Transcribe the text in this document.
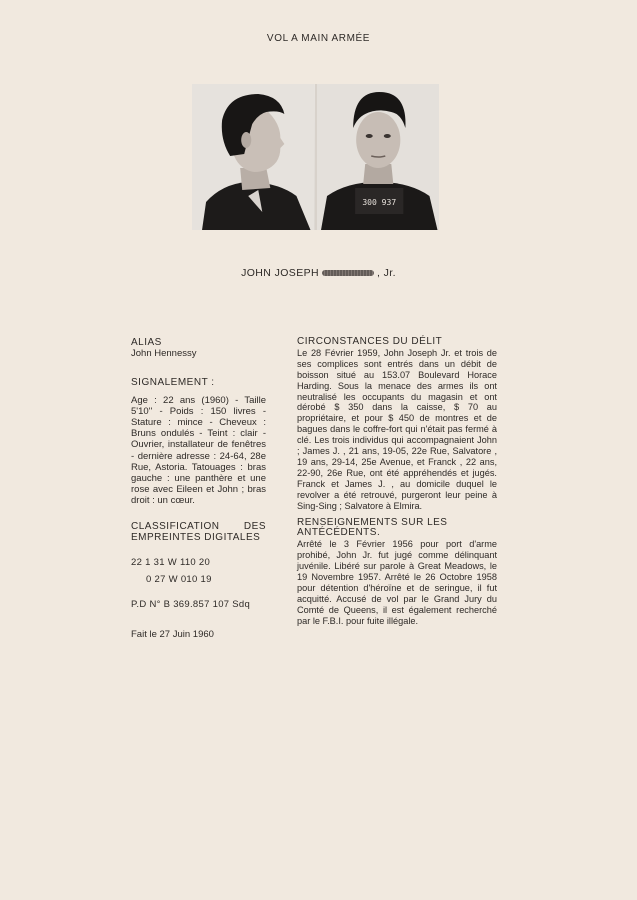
VOL A MAIN ARMÉE
300 937
JOHN JOSEPH	, Jr.

ALIAS

John Hennessy

SIGNALEMENT :

Age : 22 ans (1960) - Taille 5'10'' - Poids : 150 livres - Stature : mince - Cheveux : Bruns ondulés - Teint : clair - Ouvrier, installateur de fenêtres - dernière adresse : 24-64, 28e Rue, Astoria. Tatouages : bras gauche : une panthère et une rose avec Eileen et John ; bras droit : un cœur.

CLASSIFICATION DES EMPREINTES DIGITALES

22 1 31 W 110 20

0 27 W 010 19

P.D N° B 369.857 107 Sdq

Fait le 27 Juin 1960

CIRCONSTANCES DU DÉLIT

Le 28 Février 1959, John Joseph Jr. et trois de ses complices sont entrés dans un débit de boisson situé au 153.07 Boulevard Horace Harding. Sous la menace des armes ils ont neutralisé les occupants du magasin et ont dérobé $ 350 dans la caisse, $ 70 au propriétaire, et pour $ 450 de montres et de bagues dans le coffre-fort qui n'était pas fermé à clé. Les trois individus qui accompagnaient John ; James J. , 21 ans, 19-05, 22e Rue, Salvatore , 19 ans, 29-14, 25e Avenue, et Franck , 22 ans, 22-90, 26e Rue, ont été appréhendés et jugés. Franck et James J. , au domicile duquel le revolver a été retrouvé, purgeront leur peine à Sing-Sing ; Salvatore à Elmira.

RENSEIGNEMENTS SUR LES ANTÉCÉDENTS.

Arrêté le 3 Février 1956 pour port d'arme prohibé, John Jr. fut jugé comme délinquant juvénile. Libéré sur parole à Great Meadows, le 19 Novembre 1957. Arrêté le 26 Octobre 1958 pour détention d'héroïne et de seringue, il fut acquitté. Accusé de vol par le Grand Jury du Comté de Queens, il est également recherché par le F.B.I. pour fuite illégale.
